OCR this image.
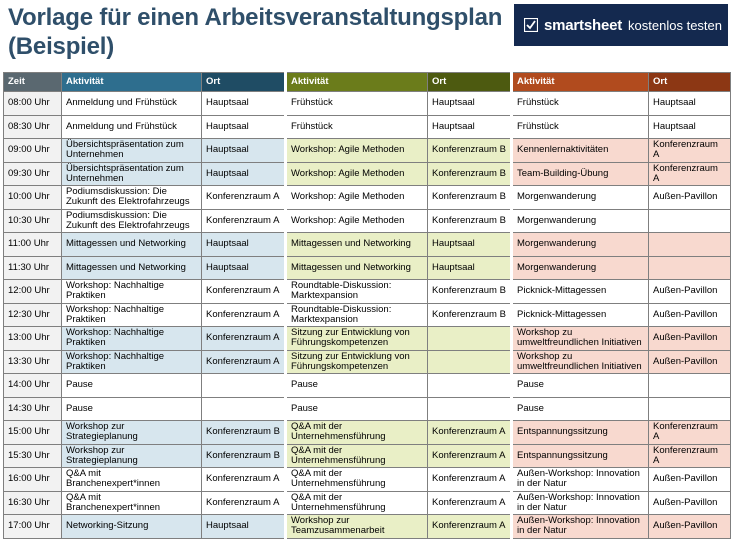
Vorlage für einen Arbeitsveranstaltungsplan
(Beispiel)
smartsheet kostenlos testen
Zeit	Aktivität	Ort	Aktivität	Ort	Aktivität	Ort
08:00 Uhr	Anmeldung und Frühstück	Hauptsaal	Frühstück	Hauptsaal	Frühstück	Hauptsaal
08:30 Uhr	Anmeldung und Frühstück	Hauptsaal	Frühstück	Hauptsaal	Frühstück	Hauptsaal
09:00 Uhr	Übersichtspräsentation zum Unternehmen	Hauptsaal	Workshop: Agile Methoden	Konferenzraum B	Kennenlernaktivitäten	Konferenzraum A
09:30 Uhr	Übersichtspräsentation zum Unternehmen	Hauptsaal	Workshop: Agile Methoden	Konferenzraum B	Team-Building-Übung	Konferenzraum A
10:00 Uhr	Podiumsdiskussion: Die Zukunft des Elektrofahrzeugs	Konferenzraum A	Workshop: Agile Methoden	Konferenzraum B	Morgenwanderung	Außen-Pavillon
10:30 Uhr	Podiumsdiskussion: Die Zukunft des Elektrofahrzeugs	Konferenzraum A	Workshop: Agile Methoden	Konferenzraum B	Morgenwanderung	
11:00 Uhr	Mittagessen und Networking	Hauptsaal	Mittagessen und Networking	Hauptsaal	Morgenwanderung	
11:30 Uhr	Mittagessen und Networking	Hauptsaal	Mittagessen und Networking	Hauptsaal	Morgenwanderung	
12:00 Uhr	Workshop: Nachhaltige Praktiken	Konferenzraum A	Roundtable-Diskussion: Marktexpansion	Konferenzraum B	Picknick-Mittagessen	Außen-Pavillon
12:30 Uhr	Workshop: Nachhaltige Praktiken	Konferenzraum A	Roundtable-Diskussion: Marktexpansion	Konferenzraum B	Picknick-Mittagessen	Außen-Pavillon
13:00 Uhr	Workshop: Nachhaltige Praktiken	Konferenzraum A	Sitzung zur Entwicklung von Führungskompetenzen		Workshop zu umweltfreundlichen Initiativen	Außen-Pavillon
13:30 Uhr	Workshop: Nachhaltige Praktiken	Konferenzraum A	Sitzung zur Entwicklung von Führungskompetenzen		Workshop zu umweltfreundlichen Initiativen	Außen-Pavillon
14:00 Uhr	Pause		Pause		Pause	
14:30 Uhr	Pause		Pause		Pause	
15:00 Uhr	Workshop zur Strategieplanung	Konferenzraum B	Q&A mit der Unternehmensführung	Konferenzraum A	Entspannungssitzung	Konferenzraum A
15:30 Uhr	Workshop zur Strategieplanung	Konferenzraum B	Q&A mit der Unternehmensführung	Konferenzraum A	Entspannungssitzung	Konferenzraum A
16:00 Uhr	Q&A mit Branchenexpert*innen	Konferenzraum A	Q&A mit der Unternehmensführung	Konferenzraum A	Außen-Workshop: Innovation in der Natur	Außen-Pavillon
16:30 Uhr	Q&A mit Branchenexpert*innen	Konferenzraum A	Q&A mit der Unternehmensführung	Konferenzraum A	Außen-Workshop: Innovation in der Natur	Außen-Pavillon
17:00 Uhr	Networking-Sitzung	Hauptsaal	Workshop zur Teamzusammenarbeit	Konferenzraum A	Außen-Workshop: Innovation in der Natur	Außen-Pavillon
